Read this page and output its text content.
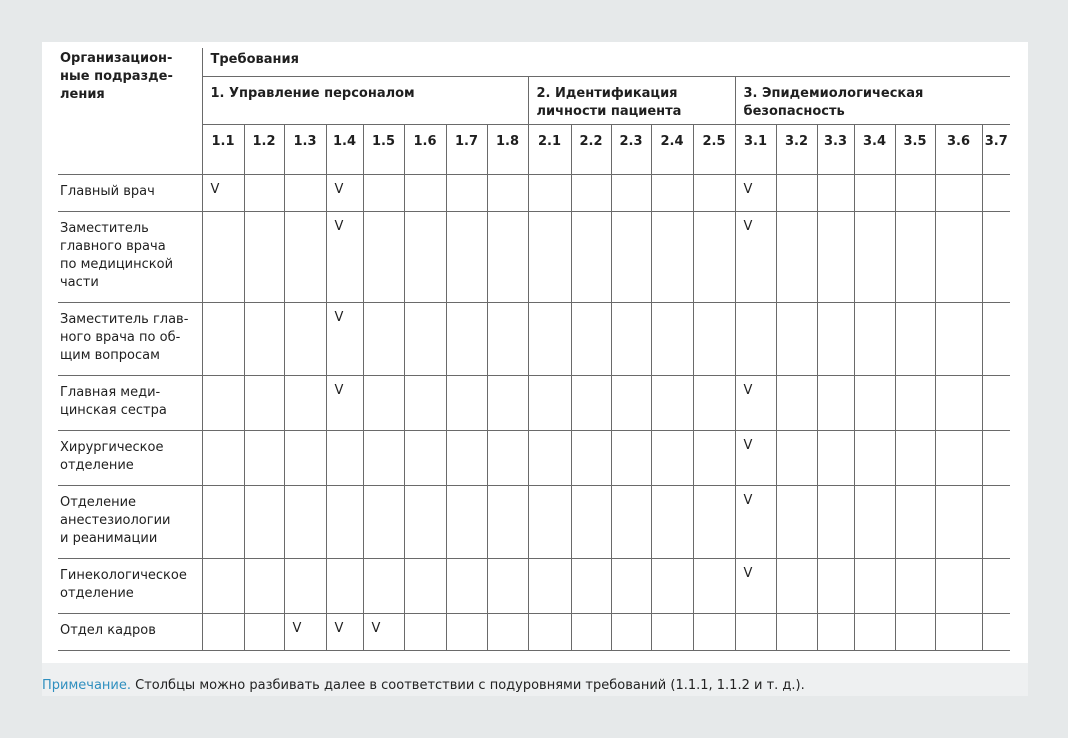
Организацион-
ные подразде-
ления	Требования																			
	1. Управление персоналом								2. Идентификация личности пациента					3. Эпидемиологическая безопасность						
	1.1	1.2	1.3	1.4	1.5	1.6	1.7	1.8	2.1	2.2	2.3	2.4	2.5	3.1	3.2	3.3	3.4	3.5	3.6	3.7
Главный врач	V			V										V						
Заместитель
главного врача
по медицинской
части				V										V						
Заместитель глав-
ного врача по об-
щим вопросам				V																
Главная меди-
цинская сестра				V										V						
Хирургическое
отделение														V						
Отделение
анестезиологии
и реанимации														V						
Гинекологическое
отделение														V						
Отдел кадров			V	V	V															
Примечание. Столбцы можно разбивать далее в соответствии с подуровнями требований (1.1.1, 1.1.2 и т. д.).
